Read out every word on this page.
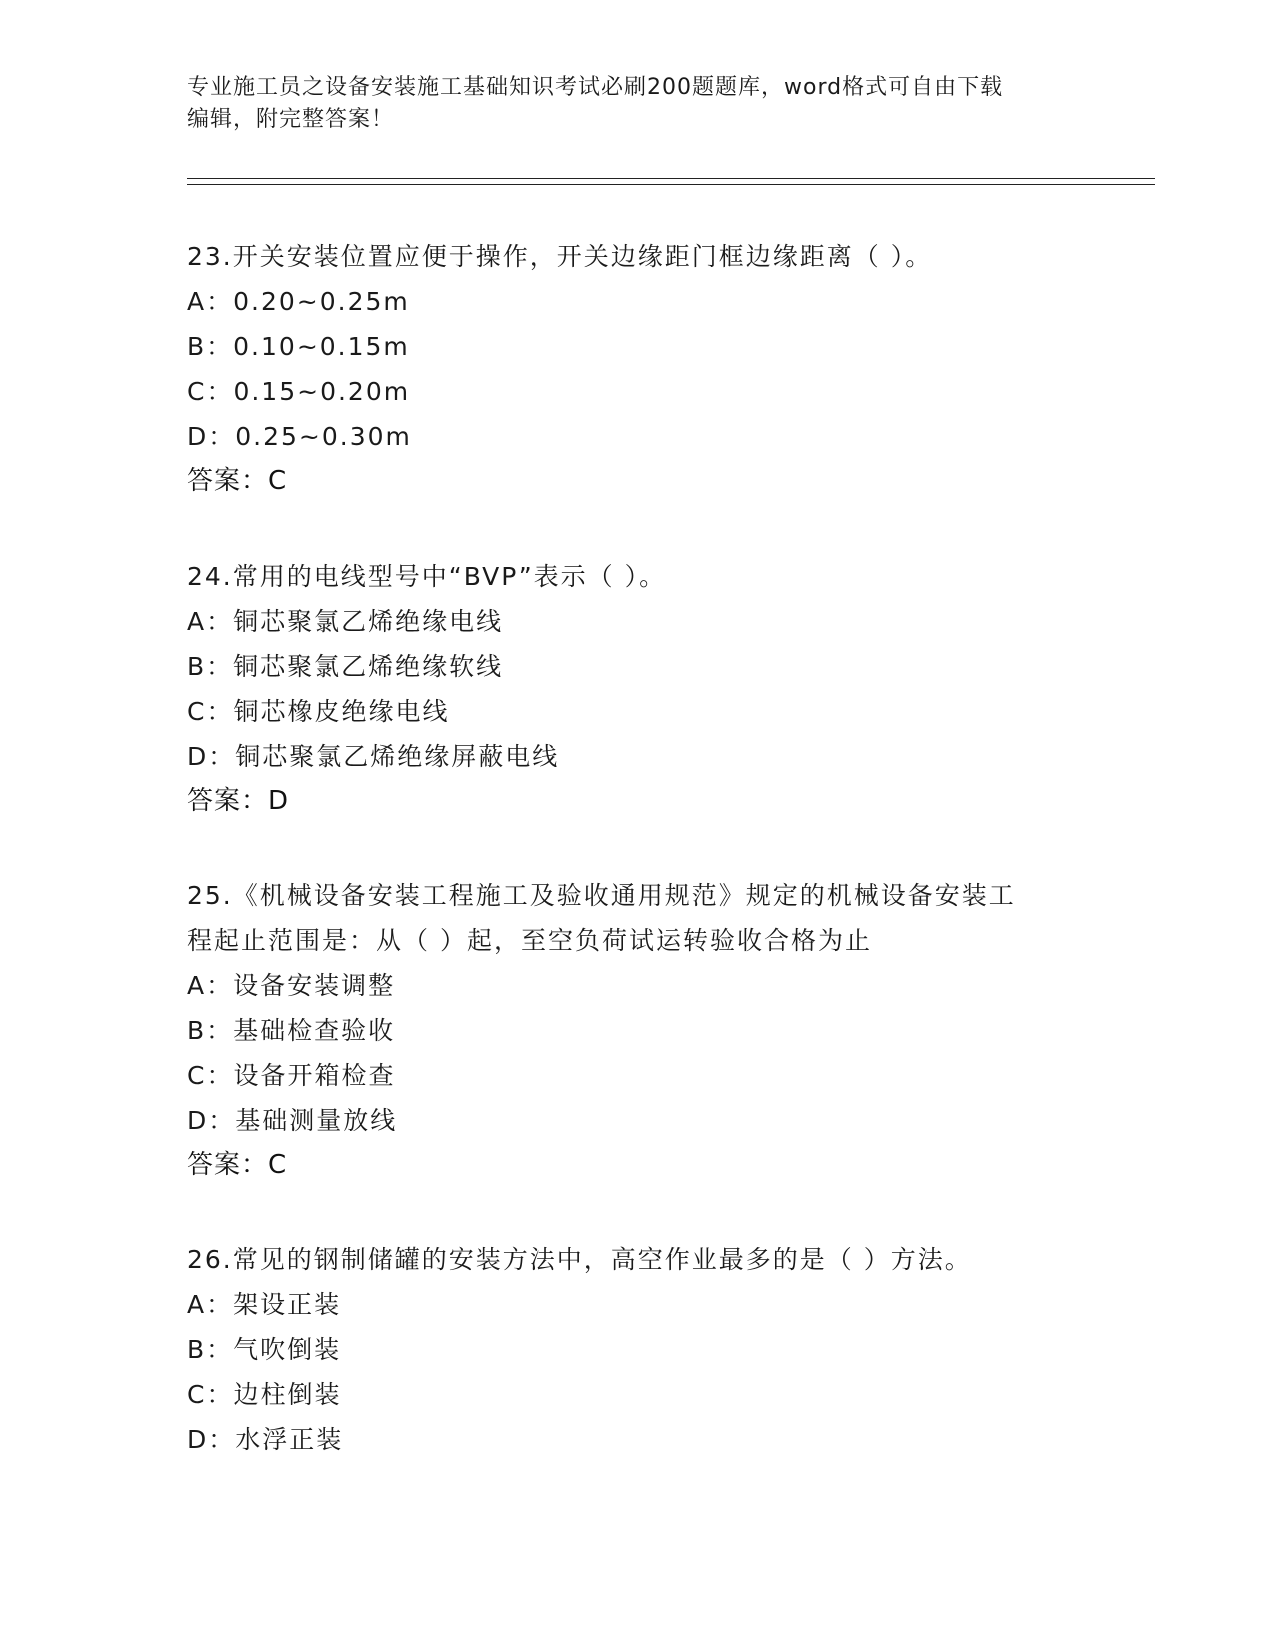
专业施工员之设备安装施工基础知识考试必刷200题题库，word格式可自由下载
编辑，附完整答案！

23.开关安装位置应便于操作，开关边缘距门框边缘距离（ ）。

A：0.20~0.25m

B：0.10~0.15m

C：0.15~0.20m

D：0.25~0.30m

答案：C

24.常用的电线型号中“BVP”表示（ ）。

A：铜芯聚氯乙烯绝缘电线

B：铜芯聚氯乙烯绝缘软线

C：铜芯橡皮绝缘电线

D：铜芯聚氯乙烯绝缘屏蔽电线

答案：D

25.《机械设备安装工程施工及验收通用规范》规定的机械设备安装工

程起止范围是：从（ ）起，至空负荷试运转验收合格为止

A：设备安装调整

B：基础检查验收

C：设备开箱检查

D：基础测量放线

答案：C

26.常见的钢制储罐的安装方法中，高空作业最多的是（ ）方法。

A：架设正装

B：气吹倒装

C：边柱倒装

D：水浮正装
